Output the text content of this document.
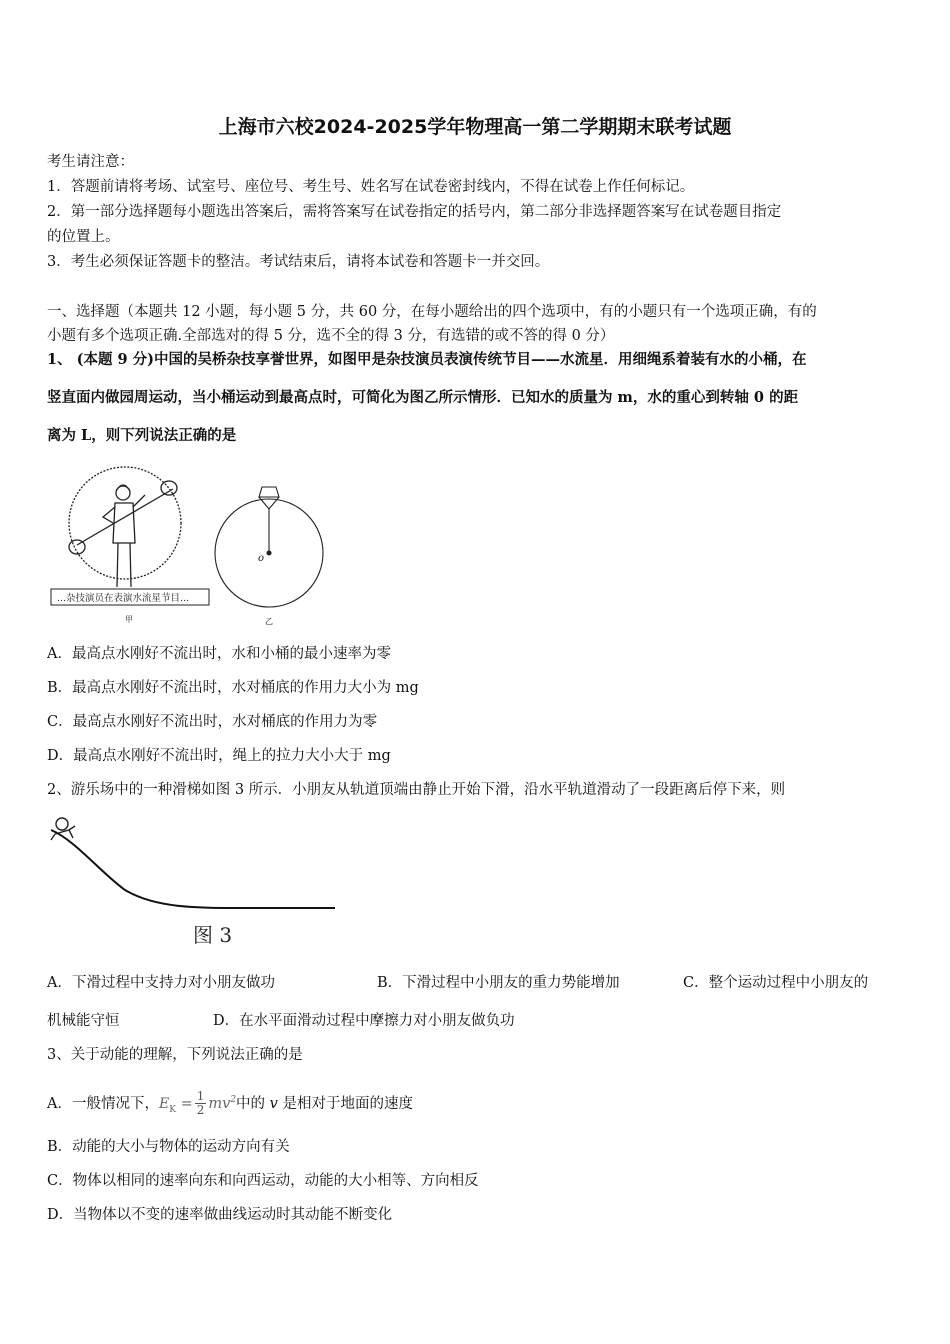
上海市六校2024-2025学年物理高一第二学期期末联考试题
考生请注意：
1．答题前请将考场、试室号、座位号、考生号、姓名写在试卷密封线内，不得在试卷上作任何标记。
2．第一部分选择题每小题选出答案后，需将答案写在试卷指定的括号内，第二部分非选择题答案写在试卷题目指定
的位置上。
3．考生必须保证答题卡的整洁。考试结束后，请将本试卷和答题卡一并交回。
一、选择题（本题共 12 小题，每小题 5 分，共 60 分，在每小题给出的四个选项中，有的小题只有一个选项正确，有的
小题有多个选项正确.全部选对的得 5 分，选不全的得 3 分，有选错的或不答的得 0 分）
1、 (本题 9 分)中国的吴桥杂技享誉世界，如图甲是杂技演员表演传统节目——水流星．用细绳系着装有水的小桶，在
竖直面内做园周运动，当小桶运动到最高点时，可简化为图乙所示情形．已知水的质量为 m，水的重心到转轴 0 的距
离为 L，则下列说法正确的是
...杂技演员在表演水流星节目...
甲
o
乙
A．最高点水刚好不流出时，水和小桶的最小速率为零
B．最高点水刚好不流出时，水对桶底的作用力大小为 mg
C．最高点水刚好不流出时，水对桶底的作用力为零
D．最高点水刚好不流出时，绳上的拉力大小大于 mg
2、游乐场中的一种滑梯如图 3 所示．小朋友从轨道顶端由静止开始下滑，沿水平轨道滑动了一段距离后停下来，则
图 3
A．下滑过程中支持力对小朋友做功	B．下滑过程中小朋友的重力势能增加	C．整个运动过程中小朋友的
机械能守恒	D．在水平面滑动过程中摩擦力对小朋友做负功
3、关于动能的理解，下列说法正确的是
A．一般情况下，$E_K = \frac{1}{2} mv^2$中的 v 是相对于地面的速度
B．动能的大小与物体的运动方向有关
C．物体以相同的速率向东和向西运动，动能的大小相等、方向相反
D．当物体以不变的速率做曲线运动时其动能不断变化
